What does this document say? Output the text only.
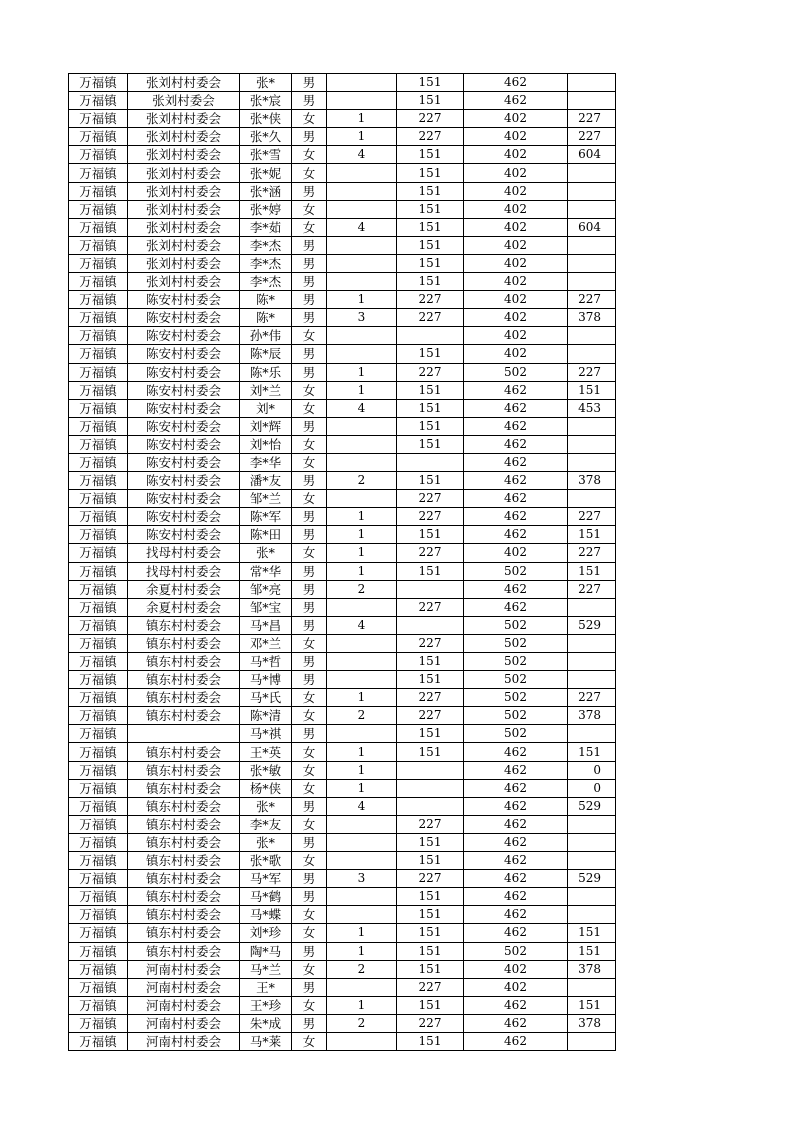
万福镇	张刘村村委会	张*	男		151	462	
万福镇	张刘村委会	张*宸	男		151	462	
万福镇	张刘村村委会	张*侠	女	1	227	402	227
万福镇	张刘村村委会	张*久	男	1	227	402	227
万福镇	张刘村村委会	张*雪	女	4	151	402	604
万福镇	张刘村村委会	张*妮	女		151	402	
万福镇	张刘村村委会	张*涵	男		151	402	
万福镇	张刘村村委会	张*婷	女		151	402	
万福镇	张刘村村委会	李*茹	女	4	151	402	604
万福镇	张刘村村委会	李*杰	男		151	402	
万福镇	张刘村村委会	李*杰	男		151	402	
万福镇	张刘村村委会	李*杰	男		151	402	
万福镇	陈安村村委会	陈*	男	1	227	402	227
万福镇	陈安村村委会	陈*	男	3	227	402	378
万福镇	陈安村村委会	孙*伟	女			402	
万福镇	陈安村村委会	陈*辰	男		151	402	
万福镇	陈安村村委会	陈*乐	男	1	227	502	227
万福镇	陈安村村委会	刘*兰	女	1	151	462	151
万福镇	陈安村村委会	刘*	女	4	151	462	453
万福镇	陈安村村委会	刘*辉	男		151	462	
万福镇	陈安村村委会	刘*怡	女		151	462	
万福镇	陈安村村委会	李*华	女			462	
万福镇	陈安村村委会	潘*友	男	2	151	462	378
万福镇	陈安村村委会	邹*兰	女		227	462	
万福镇	陈安村村委会	陈*军	男	1	227	462	227
万福镇	陈安村村委会	陈*田	男	1	151	462	151
万福镇	找母村村委会	张*	女	1	227	402	227
万福镇	找母村村委会	常*华	男	1	151	502	151
万福镇	余夏村村委会	邹*亮	男	2		462	227
万福镇	余夏村村委会	邹*宝	男		227	462	
万福镇	镇东村村委会	马*昌	男	4		502	529
万福镇	镇东村村委会	邓*兰	女		227	502	
万福镇	镇东村村委会	马*哲	男		151	502	
万福镇	镇东村村委会	马*博	男		151	502	
万福镇	镇东村村委会	马*氏	女	1	227	502	227
万福镇	镇东村村委会	陈*清	女	2	227	502	378
万福镇		马*祺	男		151	502	
万福镇	镇东村村委会	王*英	女	1	151	462	151
万福镇	镇东村村委会	张*敏	女	1		462	0
万福镇	镇东村村委会	杨*侠	女	1		462	0
万福镇	镇东村村委会	张*	男	4		462	529
万福镇	镇东村村委会	李*友	女		227	462	
万福镇	镇东村村委会	张*	男		151	462	
万福镇	镇东村村委会	张*歌	女		151	462	
万福镇	镇东村村委会	马*军	男	3	227	462	529
万福镇	镇东村村委会	马*鹤	男		151	462	
万福镇	镇东村村委会	马*蝶	女		151	462	
万福镇	镇东村村委会	刘*珍	女	1	151	462	151
万福镇	镇东村村委会	陶*马	男	1	151	502	151
万福镇	河南村村委会	马*兰	女	2	151	402	378
万福镇	河南村村委会	王*	男		227	402	
万福镇	河南村村委会	王*珍	女	1	151	462	151
万福镇	河南村村委会	朱*成	男	2	227	462	378
万福镇	河南村村委会	马*莱	女		151	462	
